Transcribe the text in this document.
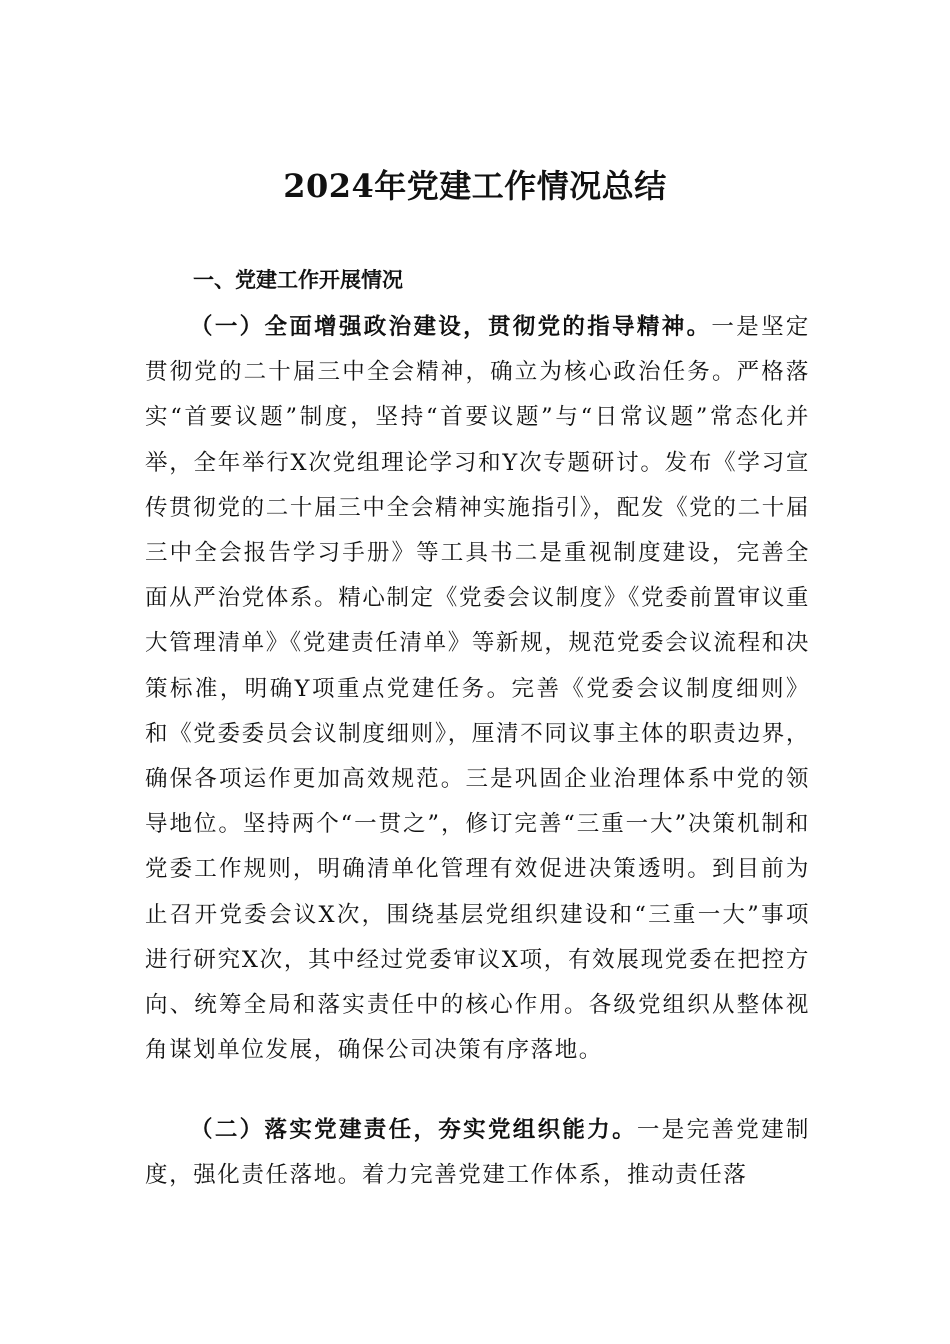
2024年党建工作情况总结
一、党建工作开展情况
（一）全面增强政治建设，贯彻党的指导精神。一是坚定贯彻党的二十届三中全会精神，确立为核心政治任务。严格落实“首要议题”制度，坚持“首要议题”与“日常议题”常态化并举，全年举行X次党组理论学习和Y次专题研讨。发布《学习宣传贯彻党的二十届三中全会精神实施指引》，配发《党的二十届三中全会报告学习手册》等工具书二是重视制度建设，完善全面从严治党体系。精心制定《党委会议制度》《党委前置审议重大管理清单》《党建责任清单》等新规，规范党委会议流程和决策标准，明确Y项重点党建任务。完善《党委会议制度细则》和《党委委员会议制度细则》，厘清不同议事主体的职责边界，确保各项运作更加高效规范。三是巩固企业治理体系中党的领导地位。坚持两个“一贯之”，修订完善“三重一大”决策机制和党委工作规则，明确清单化管理有效促进决策透明。到目前为止召开党委会议X次，围绕基层党组织建设和“三重一大”事项进行研究X次，其中经过党委审议X项，有效展现党委在把控方向、统筹全局和落实责任中的核心作用。各级党组织从整体视角谋划单位发展，确保公司决策有序落地。
（二）落实党建责任，夯实党组织能力。一是完善党建制度，强化责任落地。着力完善党建工作体系，推动责任落
